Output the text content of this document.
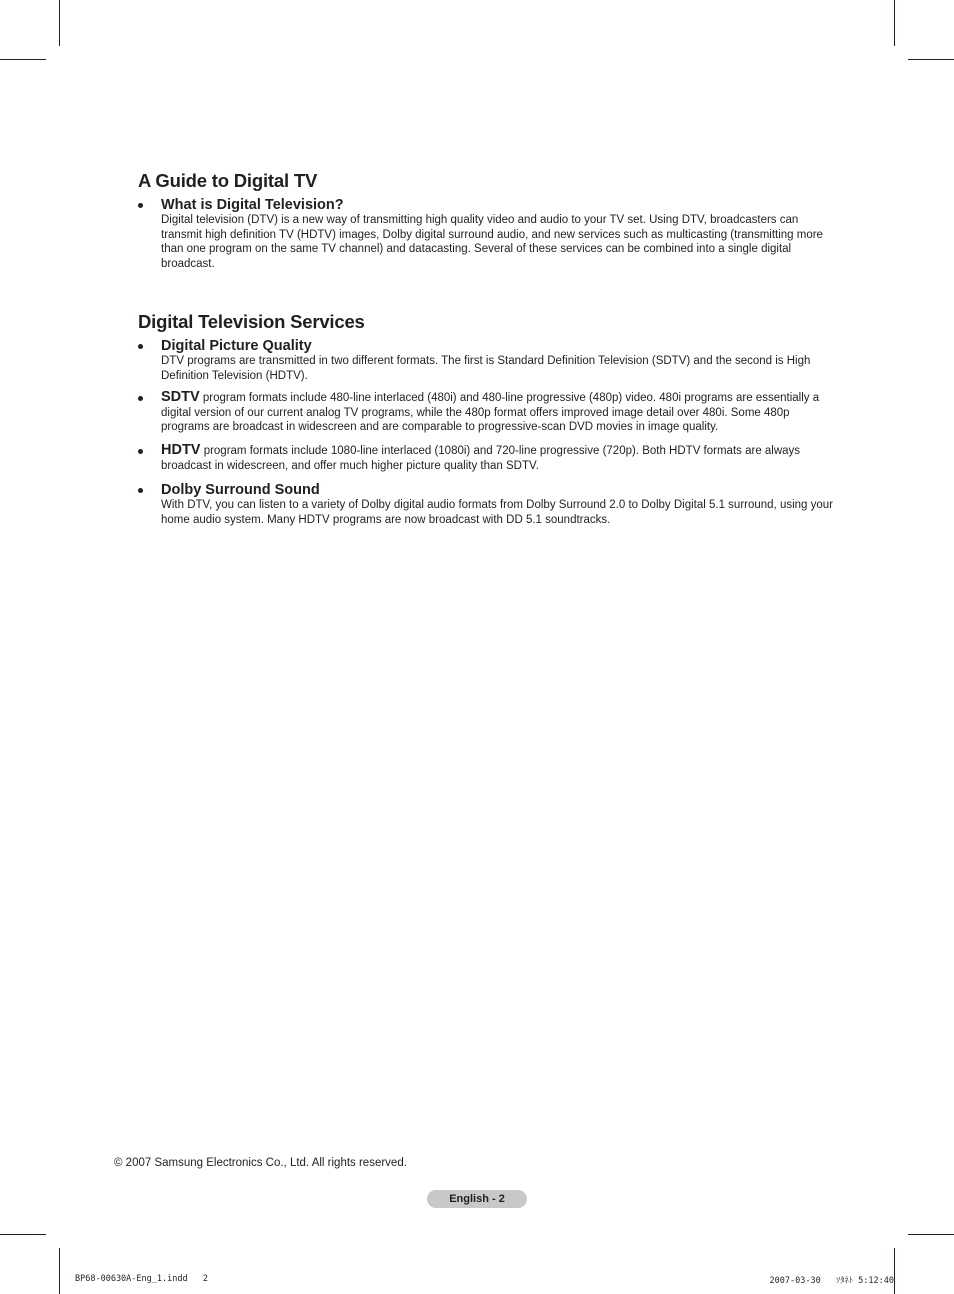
A Guide to Digital TV
What is Digital Television?
Digital television (DTV) is a new way of transmitting high quality video and audio to your TV set. Using DTV, broadcasters can transmit high definition TV (HDTV) images, Dolby digital surround audio, and new services such as multicasting (transmitting more than one program on the same TV channel) and datacasting. Several of these services can be combined into a single digital broadcast.
Digital Television Services
Digital Picture Quality
DTV programs are transmitted in two different formats. The first is Standard Definition Television (SDTV) and the second is High Definition Television (HDTV).
SDTV program formats include 480-line interlaced (480i) and 480-line progressive (480p) video. 480i programs are essentially a digital version of our current analog TV programs, while the 480p format offers improved image detail over 480i. Some 480p programs are broadcast in widescreen and are comparable to progressive-scan DVD movies in image quality.
HDTV program formats include 1080-line interlaced (1080i) and 720-line progressive (720p). Both HDTV formats are always broadcast in widescreen, and offer much higher picture quality than SDTV.
Dolby Surround Sound
With DTV, you can listen to a variety of Dolby digital audio formats from Dolby Surround 2.0 to Dolby Digital 5.1 surround, using your home audio system. Many HDTV programs are now broadcast with DD 5.1 soundtracks.
© 2007 Samsung Electronics Co., Ltd. All rights reserved.
English - 2
BP68-00630A-Eng_1.indd   2	2007-03-30   ｿﾀﾈﾄ 5:12:40
